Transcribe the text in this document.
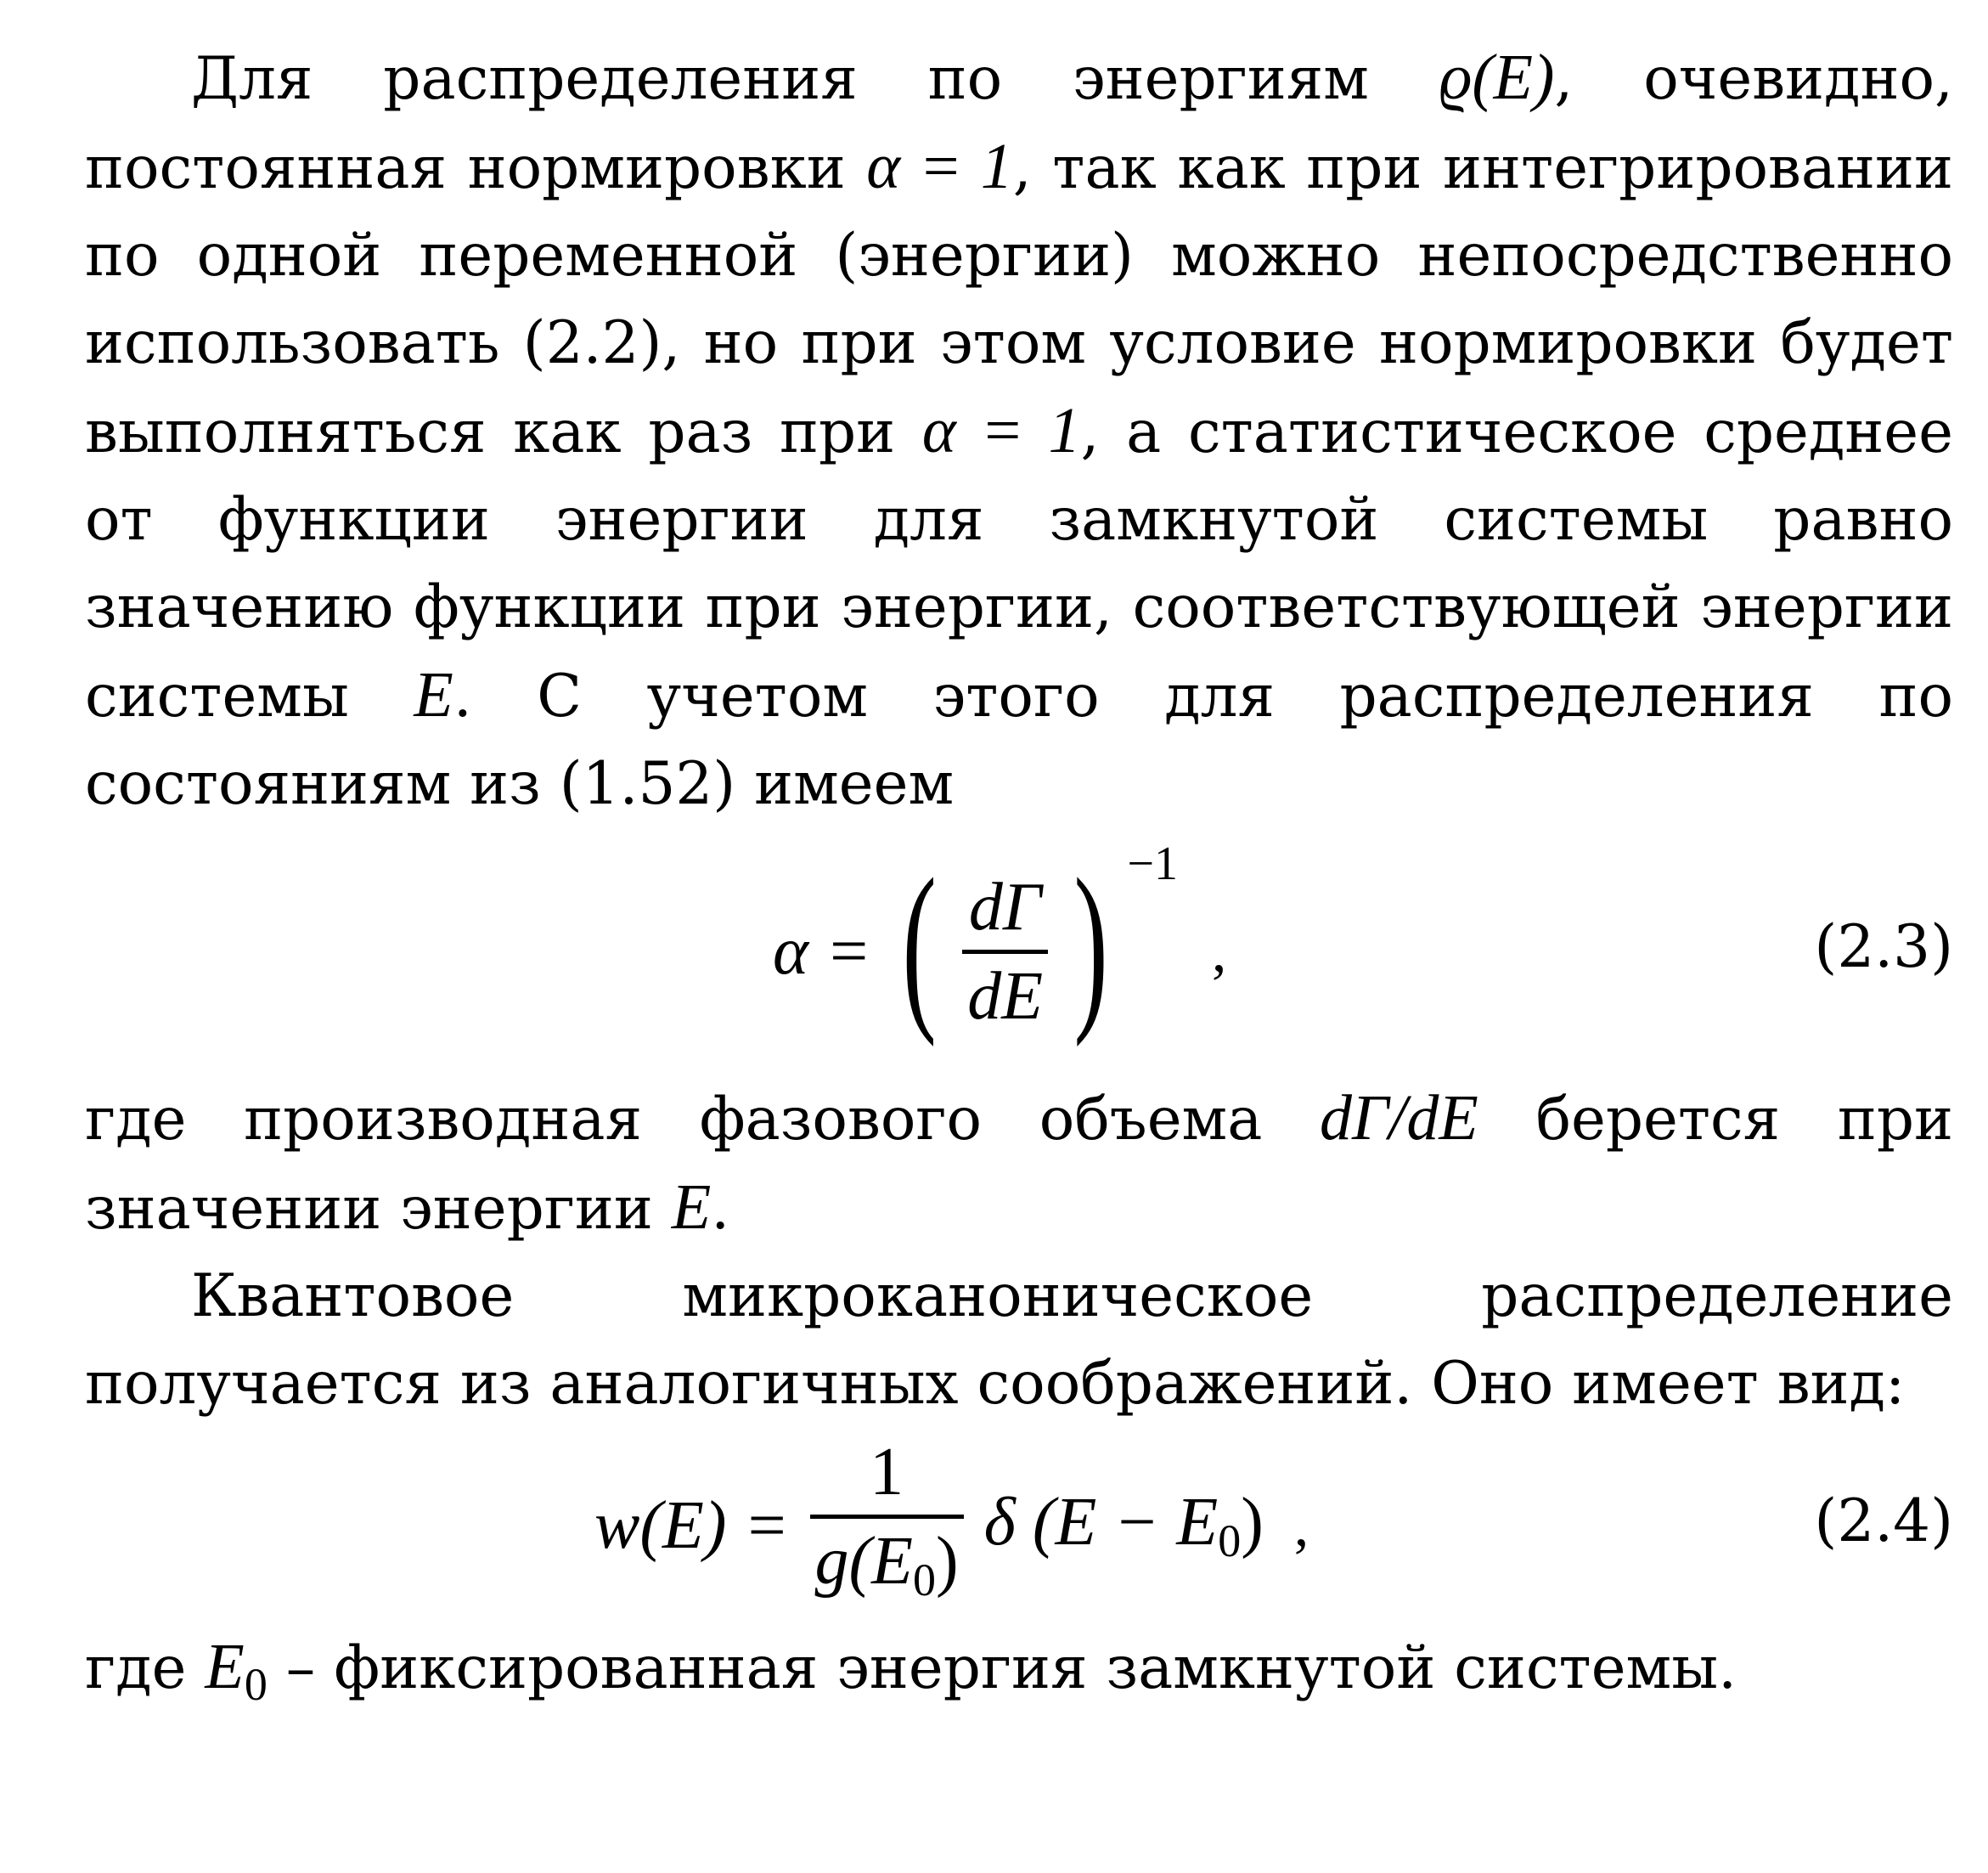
Для распределения по энергиям ϱ(E), очевидно, постоянная нормировки α = 1, так как при интегрировании по одной переменной (энергии) можно непосредственно использовать (2.2), но при этом условие нормировки будет выполняться как раз при α = 1, а статистическое среднее от функции энергии для замкнутой системы равно значению функции при энергии, соответствующей энергии системы E. С учетом этого для распределения по состояниям из (1.52) имеем

α = ( dΓ
dE ) −1
,	(2.3)

где производная фазового объема dΓ/dE берется при значении энергии E.

Квантовое микроканоническое распределение получается из аналогичных соображений. Оно имеет вид:

w(E) =
1
$g(E_0)$
δ $(E - E_0)$ ,	(2.4)

где $E_0$ – фиксированная энергия замкнутой системы.
